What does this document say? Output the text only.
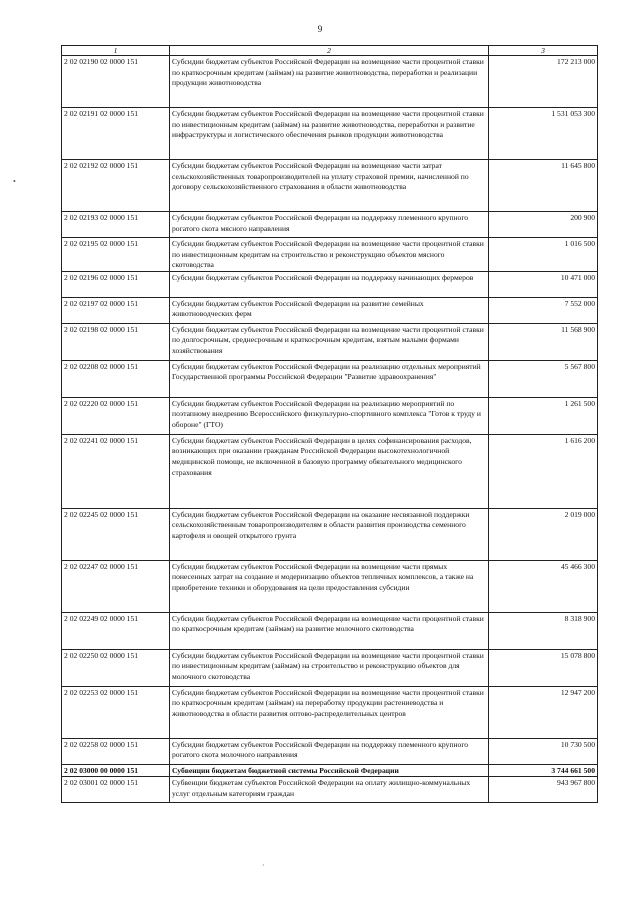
9
•
·
1	2	3
2 02 02190 02 0000 151	Субсидии бюджетам субъектов Российской Федерации на возмещение части процентной ставки по краткосрочным кредитам (займам) на развитие животноводства, переработки и реализации продукции животноводства	172 213 000
2 02 02191 02 0000 151	Субсидии бюджетам субъектов Российской Федерации на возмещение части процентной ставки по инвестиционным кредитам (займам) на развитие животноводства, переработки и развитие инфраструктуры и логистического обеспечения рынков продукции животноводства	1 531 053 300
2 02 02192 02 0000 151	Субсидии бюджетам субъектов Российской Федерации на возмещение части затрат сельскохозяйственных товаропроизводителей на уплату страховой премии, начисленной по договору сельскохозяйственного страхования в области животноводства	11 645 800
2 02 02193 02 0000 151	Субсидии бюджетам субъектов Российской Федерации на поддержку племенного крупного рогатого скота мясного направления	200 900
2 02 02195 02 0000 151	Субсидии бюджетам субъектов Российской Федерации на возмещение части процентной ставки по инвестиционным кредитам на строительство и реконструкцию объектов мясного скотоводства	1 016 500
2 02 02196 02 0000 151	Субсидии бюджетам субъектов Российской Федерации на поддержку начинающих фермеров	10 471 000
2 02 02197 02 0000 151	Субсидии бюджетам субъектов Российской Федерации на развитие семейных животноводческих ферм	7 552 000
2 02 02198 02 0000 151	Субсидии бюджетам субъектов Российской Федерации на возмещение части процентной ставки по долгосрочным, среднесрочным и краткосрочным кредитам, взятым малыми формами хозяйствования	11 568 900
2 02 02208 02 0000 151	Субсидии бюджетам субъектов Российской Федерации на реализацию отдельных мероприятий Государственной программы Российской Федерации "Развитие здравоохранения"	5 567 800
2 02 02220 02 0000 151	Субсидии бюджетам субъектов Российской Федерации на реализацию мероприятий по поэтапному внедрению Всероссийского физкультурно-спортивного комплекса "Готов к труду и обороне" (ГТО)	1 261 500
2 02 02241 02 0000 151	Субсидии бюджетам субъектов Российской Федерации в целях софинансирования расходов, возникающих при оказании гражданам Российской Федерации высокотехнологичной медицинской помощи, не включенной в базовую программу обязательного медицинского страхования	1 616 200
2 02 02245 02 0000 151	Субсидии бюджетам субъектов Российской Федерации на оказание несвязанной поддержки сельскохозяйственным товаропроизводителям в области развития производства семенного картофеля и овощей открытого грунта	2 019 000
2 02 02247 02 0000 151	Субсидии бюджетам субъектов Российской Федерации на возмещение части прямых понесенных затрат на создание и модернизацию объектов тепличных комплексов, а также на приобретение техники и оборудования на цели предоставления субсидии	45 466 300
2 02 02249 02 0000 151	Субсидии бюджетам субъектов Российской Федерации на возмещение части процентной ставки по краткосрочным кредитам (займам) на развитие молочного скотоводства	8 318 900
2 02 02250 02 0000 151	Субсидии бюджетам субъектов Российской Федерации на возмещение части процентной ставки по инвестиционным кредитам (займам) на строительство и реконструкцию объектов для молочного скотоводства	15 078 800
2 02 02253 02 0000 151	Субсидии бюджетам субъектов Российской Федерации на возмещение части процентной ставки по краткосрочным кредитам (займам) на переработку продукции растениеводства и животноводства в области развития оптово-распределительных центров	12 947 200
2 02 02258 02 0000 151	Субсидии бюджетам субъектов Российской Федерации на поддержку племенного крупного рогатого скота молочного направления	10 730 500
2 02 03000 00 0000 151	Субвенции бюджетам бюджетной системы Российской Федерации	3 744 661 500
2 02 03001 02 0000 151	Субвенции бюджетам субъектов Российской Федерации на оплату жилищно-коммунальных услуг отдельным категориям граждан	943 967 800
